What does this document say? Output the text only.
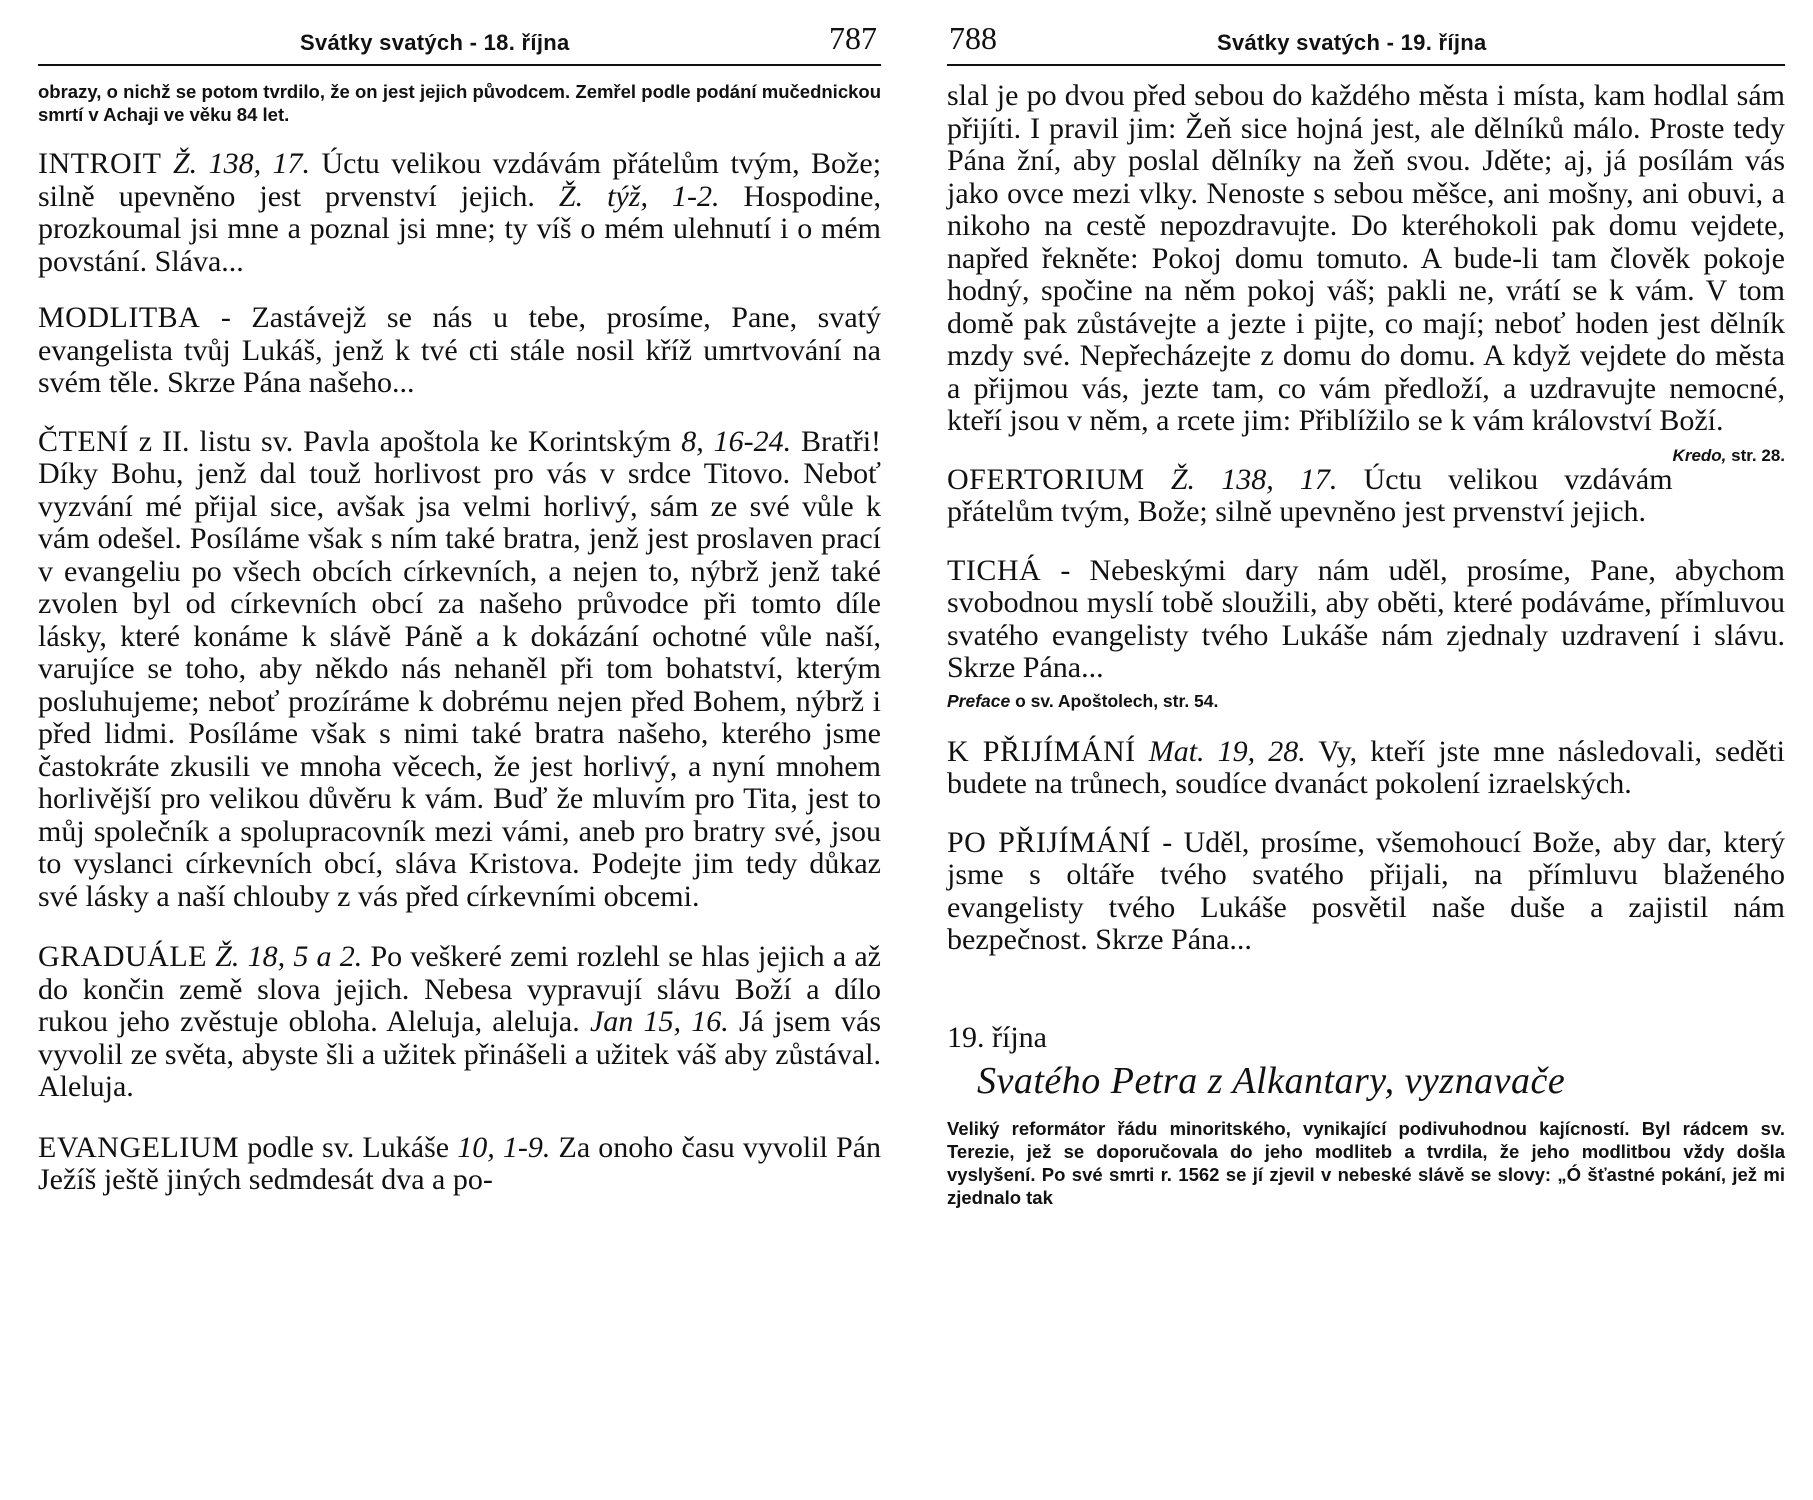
Svátky svatých - 18. října	787

obrazy, o nichž se potom tvrdilo, že on jest jejich původcem. Zemřel podle podání mučednickou smrtí v Achaji ve věku 84 let.

INTROIT Ž. 138, 17. Úctu velikou vzdávám přátelům tvým, Bože; silně upevněno jest prvenství jejich. Ž. týž, 1-2. Hospodine, prozkoumal jsi mne a poznal jsi mne; ty víš o mém ulehnutí i o mém povstání. Sláva...

MODLITBA - Zastávejž se nás u tebe, prosíme, Pane, svatý evangelista tvůj Lukáš, jenž k tvé cti stále nosil kříž umrtvování na svém těle. Skrze Pána našeho...

ČTENÍ z II. listu sv. Pavla apoštola ke Korintským 8, 16-24. Bratři! Díky Bohu, jenž dal touž horlivost pro vás v srdce Titovo. Neboť vyzvání mé přijal sice, avšak jsa velmi horlivý, sám ze své vůle k vám odešel. Posíláme však s ním také bratra, jenž jest proslaven prací v evangeliu po všech obcích církevních, a nejen to, nýbrž jenž také zvolen byl od církevních obcí za našeho průvodce při tomto díle lásky, které konáme k slávě Páně a k dokázání ochotné vůle naší, varujíce se toho, aby někdo nás nehaněl při tom bohatství, kterým posluhujeme; neboť prozíráme k dobrému nejen před Bohem, nýbrž i před lidmi. Posíláme však s nimi také bratra našeho, kterého jsme častokráte zkusili ve mnoha věcech, že jest horlivý, a nyní mnohem horlivější pro velikou důvěru k vám. Buď že mluvím pro Tita, jest to můj společník a spolupracovník mezi vámi, aneb pro bratry své, jsou to vyslanci církevních obcí, sláva Kristova. Podejte jim tedy důkaz své lásky a naší chlouby z vás před církevními obcemi.

GRADUÁLE Ž. 18, 5 a 2. Po veškeré zemi rozlehl se hlas jejich a až do končin země slova jejich. Nebesa vypravují slávu Boží a dílo rukou jeho zvěstuje obloha. Aleluja, aleluja. Jan 15, 16. Já jsem vás vyvolil ze světa, abyste šli a užitek přinášeli a užitek váš aby zůstával. Aleluja.

EVANGELIUM podle sv. Lukáše 10, 1-9. Za onoho času vyvolil Pán Ježíš ještě jiných sedmdesát dva a po-

788	Svátky svatých - 19. října

slal je po dvou před sebou do každého města i místa, kam hodlal sám přijíti. I pravil jim: Žeň sice hojná jest, ale dělníků málo. Proste tedy Pána žní, aby poslal dělníky na žeň svou. Jděte; aj, já posílám vás jako ovce mezi vlky. Nenoste s sebou měšce, ani mošny, ani obuvi, a nikoho na cestě nepozdravujte. Do kteréhokoli pak domu vejdete, napřed řekněte: Pokoj domu tomuto. A bude-li tam člověk pokoje hodný, spočine na něm pokoj váš; pakli ne, vrátí se k vám. V tom domě pak zůstávejte a jezte i pijte, co mají; neboť hoden jest dělník mzdy své. Nepřecházejte z domu do domu. A když vejdete do města a přijmou vás, jezte tam, co vám předloží, a uzdravujte nemocné, kteří jsou v něm, a rcete jim: Přiblížilo se k vám království Boží.
Kredo, str. 28.

OFERTORIUM Ž. 138, 17. Úctu velikou vzdávám přátelům tvým, Bože; silně upevněno jest prvenství jejich.

TICHÁ - Nebeskými dary nám uděl, prosíme, Pane, abychom svobodnou myslí tobě sloužili, aby oběti, které podáváme, přímluvou svatého evangelisty tvého Lukáše nám zjednaly uzdravení i slávu. Skrze Pána...

Preface o sv. Apoštolech, str. 54.

K PŘIJÍMÁNÍ Mat. 19, 28. Vy, kteří jste mne následovali, seděti budete na trůnech, soudíce dvanáct pokolení izraelských.

PO PŘIJÍMÁNÍ - Uděl, prosíme, všemohoucí Bože, aby dar, který jsme s oltáře tvého svatého přijali, na přímluvu blaženého evangelisty tvého Lukáše posvětil naše duše a zajistil nám bezpečnost. Skrze Pána...

19. října

Svatého Petra z Alkantary, vyznavače

Veliký reformátor řádu minoritského, vynikající podivuhodnou kajícností. Byl rádcem sv. Terezie, jež se doporučovala do jeho modliteb a tvrdila, že jeho modlitbou vždy došla vyslyšení. Po své smrti r. 1562 se jí zjevil v nebeské slávě se slovy: „Ó šťastné pokání, jež mi zjednalo tak
